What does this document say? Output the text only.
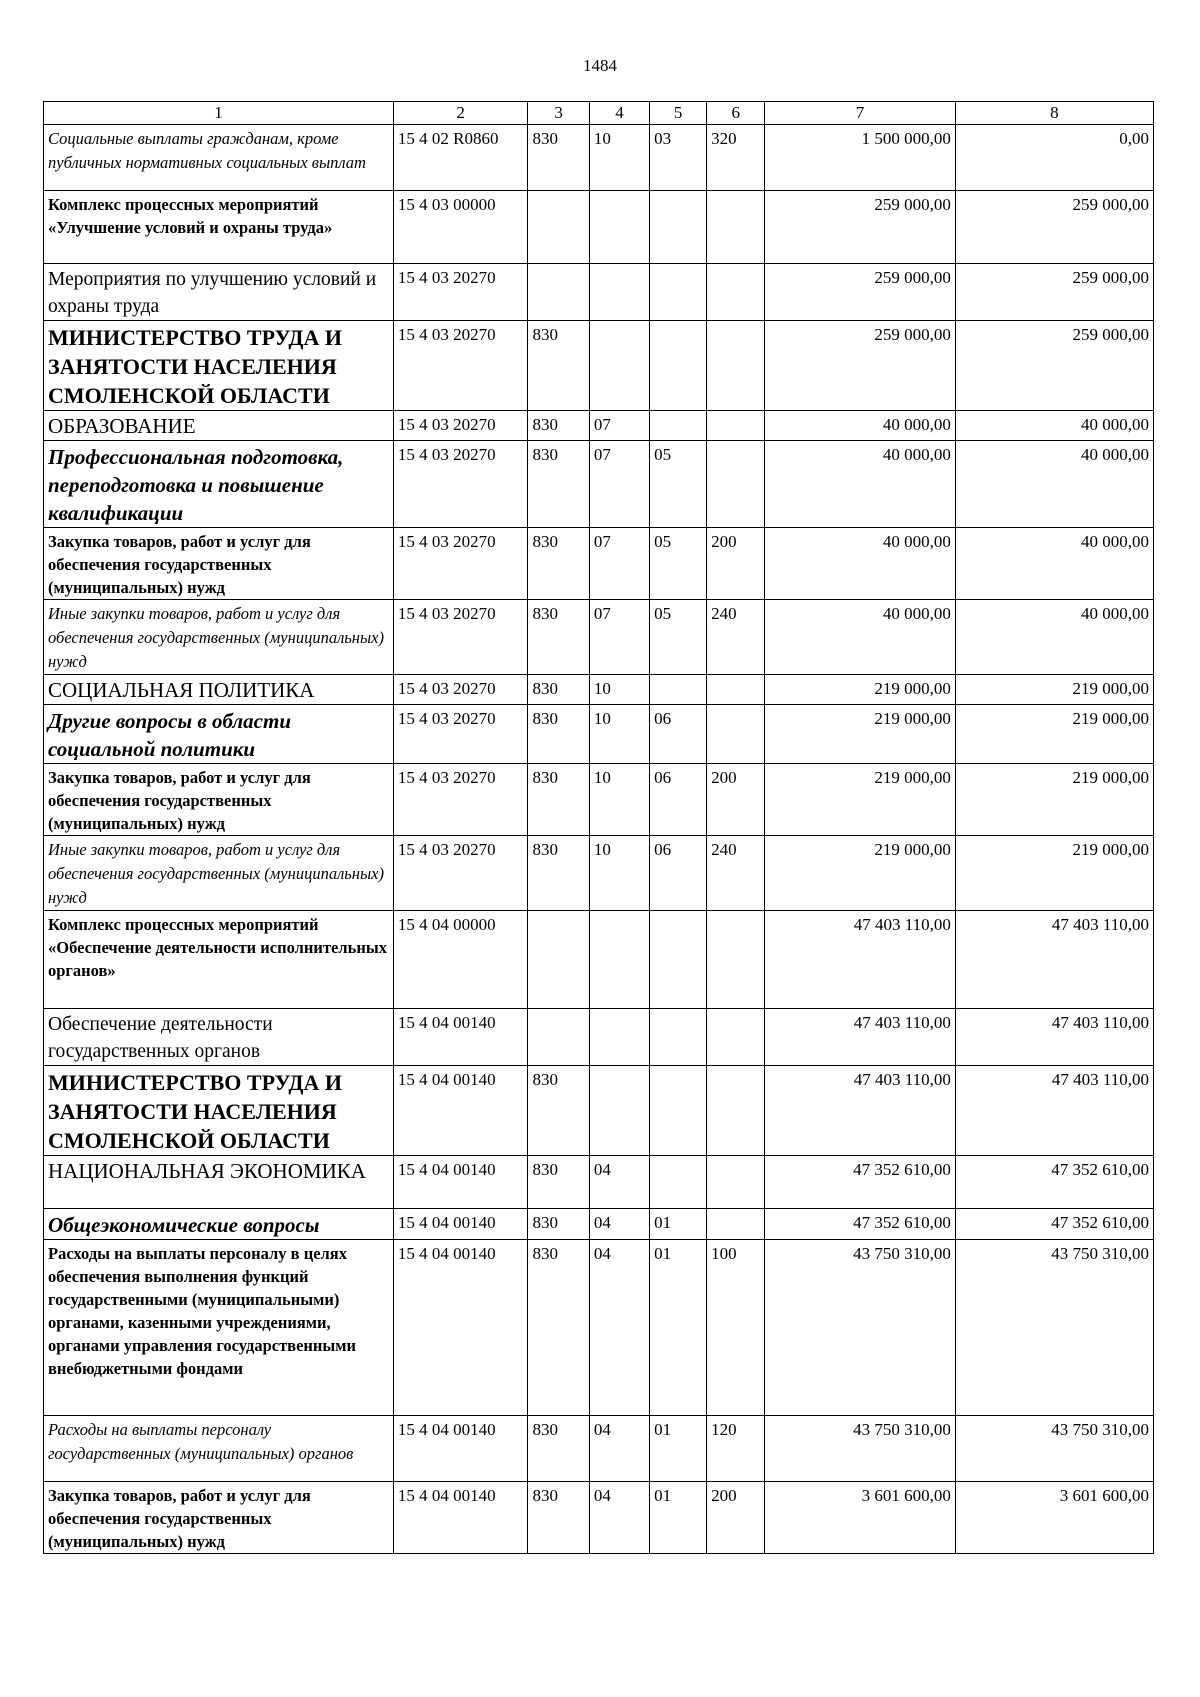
1484
1	2	3	4	5	6	7	8
Социальные выплаты гражданам, кроме публичных нормативных социальных выплат	15 4 02 R0860	830	10	03	320	1 500 000,00	0,00
Комплекс процессных мероприятий «Улучшение условий и охраны труда»	15 4 03 00000					259 000,00	259 000,00
Мероприятия по улучшению условий и охраны труда	15 4 03 20270					259 000,00	259 000,00
МИНИСТЕРСТВО ТРУДА И ЗАНЯТОСТИ НАСЕЛЕНИЯ СМОЛЕНСКОЙ ОБЛАСТИ	15 4 03 20270	830				259 000,00	259 000,00
ОБРАЗОВАНИЕ	15 4 03 20270	830	07			40 000,00	40 000,00
Профессиональная подготовка, переподготовка и повышение квалификации	15 4 03 20270	830	07	05		40 000,00	40 000,00
Закупка товаров, работ и услуг для обеспечения государственных (муниципальных) нужд	15 4 03 20270	830	07	05	200	40 000,00	40 000,00
Иные закупки товаров, работ и услуг для обеспечения государственных (муниципальных) нужд	15 4 03 20270	830	07	05	240	40 000,00	40 000,00
СОЦИАЛЬНАЯ ПОЛИТИКА	15 4 03 20270	830	10			219 000,00	219 000,00
Другие вопросы в области социальной политики	15 4 03 20270	830	10	06		219 000,00	219 000,00
Закупка товаров, работ и услуг для обеспечения государственных (муниципальных) нужд	15 4 03 20270	830	10	06	200	219 000,00	219 000,00
Иные закупки товаров, работ и услуг для обеспечения государственных (муниципальных) нужд	15 4 03 20270	830	10	06	240	219 000,00	219 000,00
Комплекс процессных мероприятий «Обеспечение деятельности исполнительных органов»	15 4 04 00000					47 403 110,00	47 403 110,00
Обеспечение деятельности государственных органов	15 4 04 00140					47 403 110,00	47 403 110,00
МИНИСТЕРСТВО ТРУДА И ЗАНЯТОСТИ НАСЕЛЕНИЯ СМОЛЕНСКОЙ ОБЛАСТИ	15 4 04 00140	830				47 403 110,00	47 403 110,00
НАЦИОНАЛЬНАЯ ЭКОНОМИКА	15 4 04 00140	830	04			47 352 610,00	47 352 610,00
Общеэкономические вопросы	15 4 04 00140	830	04	01		47 352 610,00	47 352 610,00
Расходы на выплаты персоналу в целях обеспечения выполнения функций государственными (муниципальными) органами, казенными учреждениями, органами управления государственными внебюджетными фондами	15 4 04 00140	830	04	01	100	43 750 310,00	43 750 310,00
Расходы на выплаты персоналу государственных (муниципальных) органов	15 4 04 00140	830	04	01	120	43 750 310,00	43 750 310,00
Закупка товаров, работ и услуг для обеспечения государственных (муниципальных) нужд	15 4 04 00140	830	04	01	200	3 601 600,00	3 601 600,00
